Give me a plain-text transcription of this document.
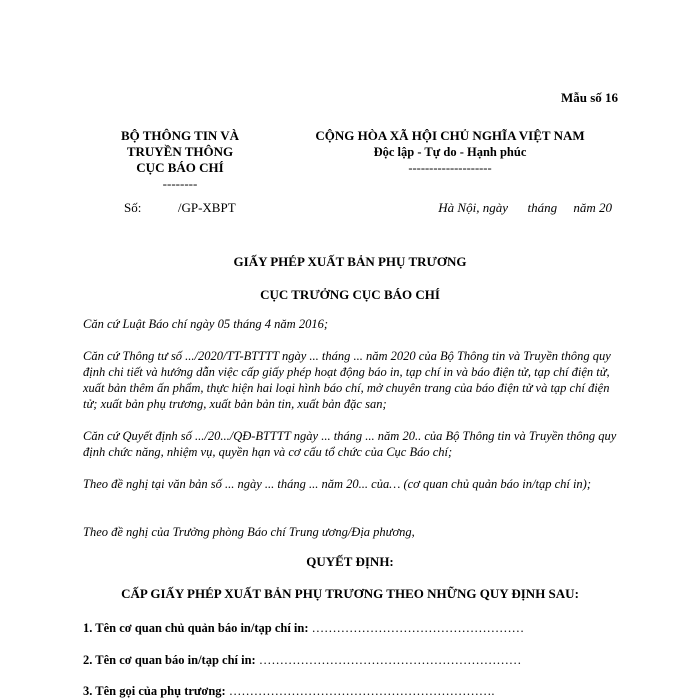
Mẫu số 16
BỘ THÔNG TIN VÀ
TRUYỀN THÔNG
CỤC BÁO CHÍ
--------
CỘNG HÒA XÃ HỘI CHỦ NGHĨA VIỆT NAM
Độc lập - Tự do - Hạnh phúc
--------------------
Số:	/GP-XBPT	Hà Nội, ngày      tháng     năm 20
GIẤY PHÉP XUẤT BẢN PHỤ TRƯƠNG
CỤC TRƯỞNG CỤC BÁO CHÍ
Căn cứ Luật Báo chí ngày 05 tháng 4 năm 2016;
Căn cứ Thông tư số .../2020/TT-BTTTT ngày ... tháng ... năm 2020 của Bộ Thông tin và Truyền thông quy định chi tiết và hướng dẫn việc cấp giấy phép hoạt động báo in, tạp chí in và báo điện tử, tạp chí điện tử, xuất bản thêm ấn phẩm, thực hiện hai loại hình báo chí, mở chuyên trang của báo điện tử và tạp chí điện tử; xuất bản phụ trương, xuất bản bản tin, xuất bản đặc san;
Căn cứ Quyết định số .../20.../QĐ-BTTTT ngày ... tháng ... năm 20.. của Bộ Thông tin và Truyền thông quy định chức năng, nhiệm vụ, quyền hạn và cơ cấu tổ chức của Cục Báo chí;
Theo đề nghị tại văn bản số ... ngày ... tháng ... năm 20... của… (cơ quan chủ quản báo in/tạp chí in);
Theo đề nghị của Trưởng phòng Báo chí Trung ương/Địa phương,
QUYẾT ĐỊNH:
CẤP GIẤY PHÉP XUẤT BẢN PHỤ TRƯƠNG THEO NHỮNG QUY ĐỊNH SAU:
1. Tên cơ quan chủ quản báo in/tạp chí in: ……………………………………………
2. Tên cơ quan báo in/tạp chí in: ………………………………………………………
3. Tên gọi của phụ trương: ……………………………………………………….
